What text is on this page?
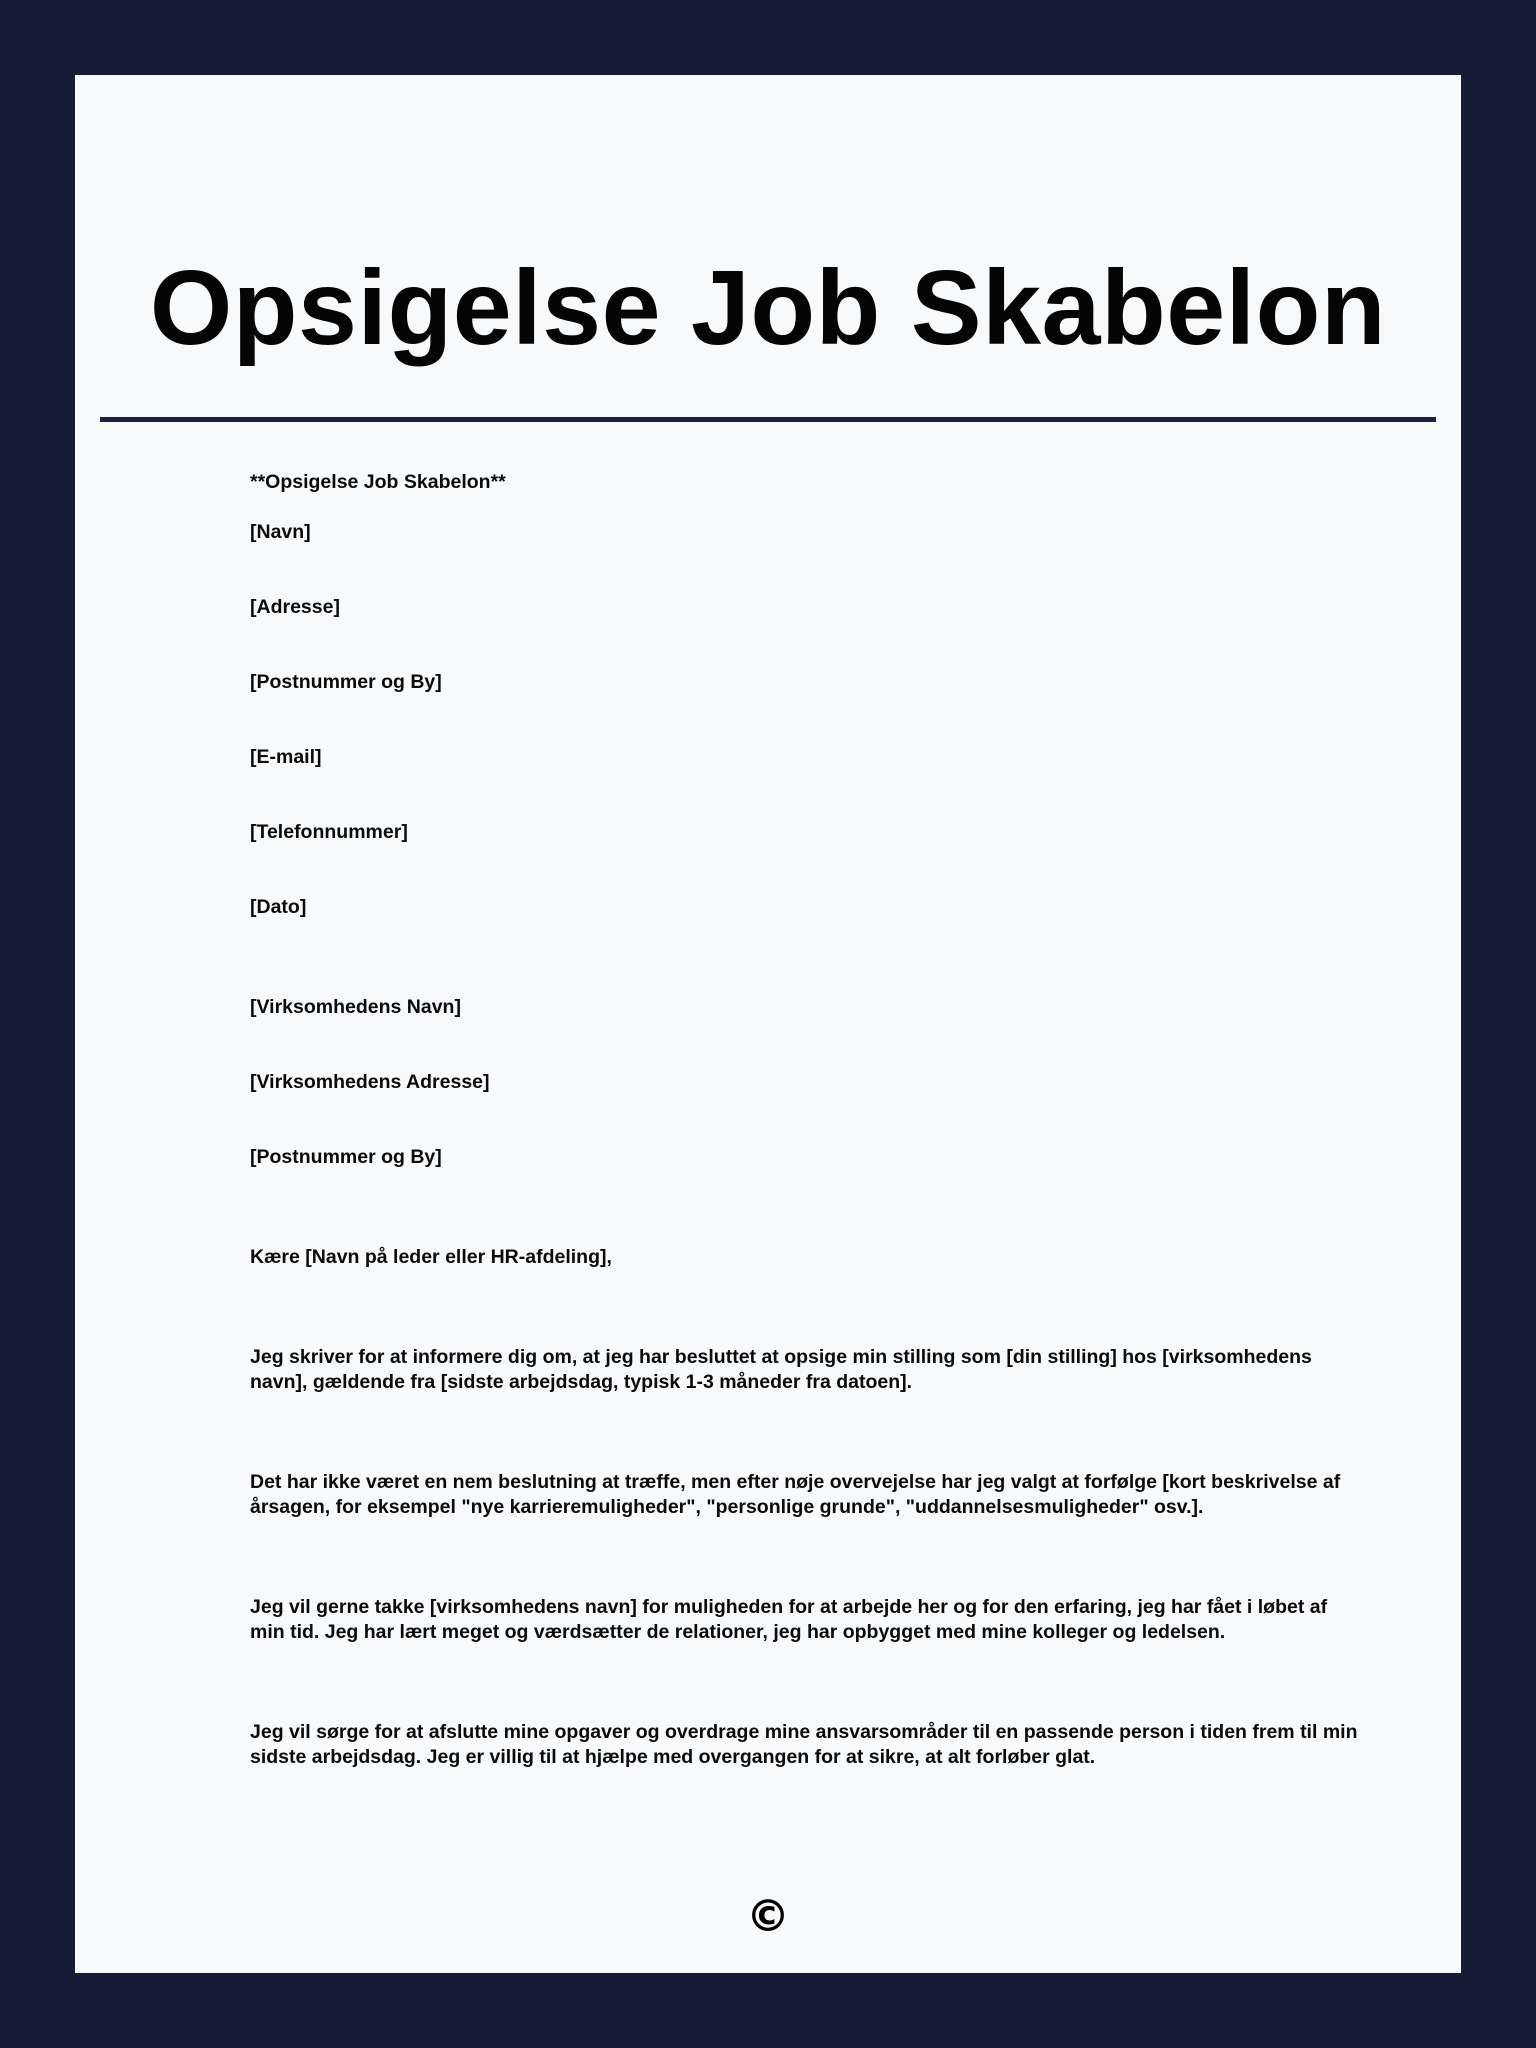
Opsigelse Job Skabelon

**Opsigelse Job Skabelon**

[Navn]

[Adresse]

[Postnummer og By]

[E-mail]

[Telefonnummer]

[Dato]

[Virksomhedens Navn]

[Virksomhedens Adresse]

[Postnummer og By]

Kære [Navn på leder eller HR-afdeling],

Jeg skriver for at informere dig om, at jeg har besluttet at opsige min stilling som [din stilling] hos [virksomhedens navn], gældende fra [sidste arbejdsdag, typisk 1-3 måneder fra datoen].

Det har ikke været en nem beslutning at træffe, men efter nøje overvejelse har jeg valgt at forfølge [kort beskrivelse af årsagen, for eksempel "nye karrieremuligheder", "personlige grunde", "uddannelsesmuligheder" osv.].

Jeg vil gerne takke [virksomhedens navn] for muligheden for at arbejde her og for den erfaring, jeg har fået i løbet af min tid. Jeg har lært meget og værdsætter de relationer, jeg har opbygget med mine kolleger og ledelsen.

Jeg vil sørge for at afslutte mine opgaver og overdrage mine ansvarsområder til en passende person i tiden frem til min sidste arbejdsdag. Jeg er villig til at hjælpe med overgangen for at sikre, at alt forløber glat.

©
